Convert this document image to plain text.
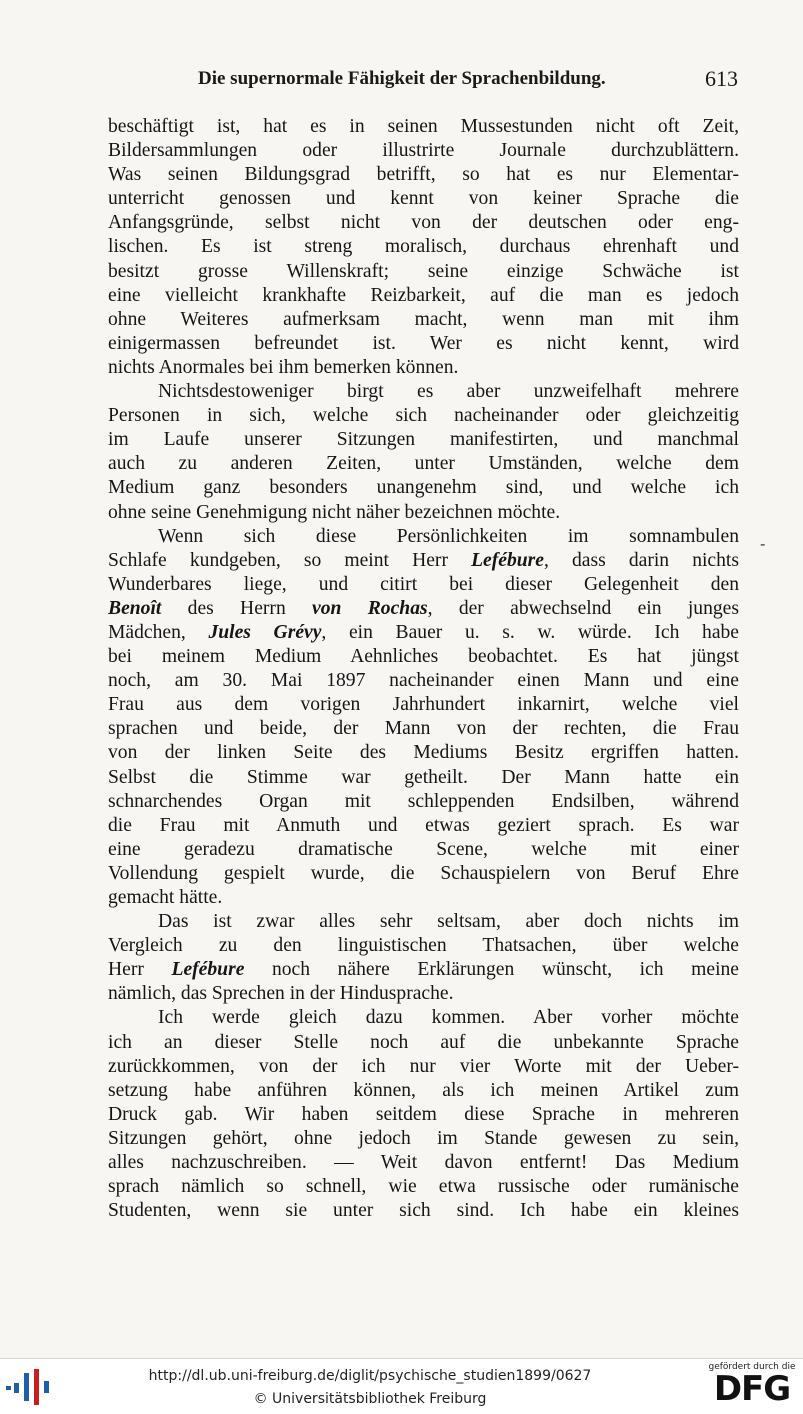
Die supernormale Fähigkeit der Sprachenbildung.	613
beschäftigt ist, hat es in seinen Mussestunden nicht oft Zeit,
Bildersammlungen oder illustrirte Journale durchzublättern.
Was seinen Bildungsgrad betrifft, so hat es nur Elementar-
unterricht genossen und kennt von keiner Sprache die
Anfangsgründe, selbst nicht von der deutschen oder eng-
lischen. Es ist streng moralisch, durchaus ehrenhaft und
besitzt grosse Willenskraft; seine einzige Schwäche ist
eine vielleicht krankhafte Reizbarkeit, auf die man es jedoch
ohne Weiteres aufmerksam macht, wenn man mit ihm
einigermassen befreundet ist. Wer es nicht kennt, wird
nichts Anormales bei ihm bemerken können.
Nichtsdestoweniger birgt es aber unzweifelhaft mehrere
Personen in sich, welche sich nacheinander oder gleichzeitig
im Laufe unserer Sitzungen manifestirten, und manchmal
auch zu anderen Zeiten, unter Umständen, welche dem
Medium ganz besonders unangenehm sind, und welche ich
ohne seine Genehmigung nicht näher bezeichnen möchte.
Wenn sich diese Persönlichkeiten im somnambulen
Schlafe kundgeben, so meint Herr Lefébure, dass darin nichts
Wunderbares liege, und citirt bei dieser Gelegenheit den
Benoît des Herrn von Rochas, der abwechselnd ein junges
Mädchen, Jules Grévy, ein Bauer u. s. w. würde. Ich habe
bei meinem Medium Aehnliches beobachtet. Es hat jüngst
noch, am 30. Mai 1897 nacheinander einen Mann und eine
Frau aus dem vorigen Jahrhundert inkarnirt, welche viel
sprachen und beide, der Mann von der rechten, die Frau
von der linken Seite des Mediums Besitz ergriffen hatten.
Selbst die Stimme war getheilt. Der Mann hatte ein
schnarchendes Organ mit schleppenden Endsilben, während
die Frau mit Anmuth und etwas geziert sprach. Es war
eine geradezu dramatische Scene, welche mit einer
Vollendung gespielt wurde, die Schauspielern von Beruf Ehre
gemacht hätte.
Das ist zwar alles sehr seltsam, aber doch nichts im
Vergleich zu den linguistischen Thatsachen, über welche
Herr Lefébure noch nähere Erklärungen wünscht, ich meine
nämlich, das Sprechen in der Hindusprache.
Ich werde gleich dazu kommen. Aber vorher möchte
ich an dieser Stelle noch auf die unbekannte Sprache
zurückkommen, von der ich nur vier Worte mit der Ueber-
setzung habe anführen können, als ich meinen Artikel zum
Druck gab. Wir haben seitdem diese Sprache in mehreren
Sitzungen gehört, ohne jedoch im Stande gewesen zu sein,
alles nachzuschreiben. — Weit davon entfernt! Das Medium
sprach nämlich so schnell, wie etwa russische oder rumänische
Studenten, wenn sie unter sich sind. Ich habe ein kleines
-
http://dl.ub.uni-freiburg.de/diglit/psychische_studien1899/0627
© Universitätsbibliothek Freiburg
gefördert durch die
DFG
